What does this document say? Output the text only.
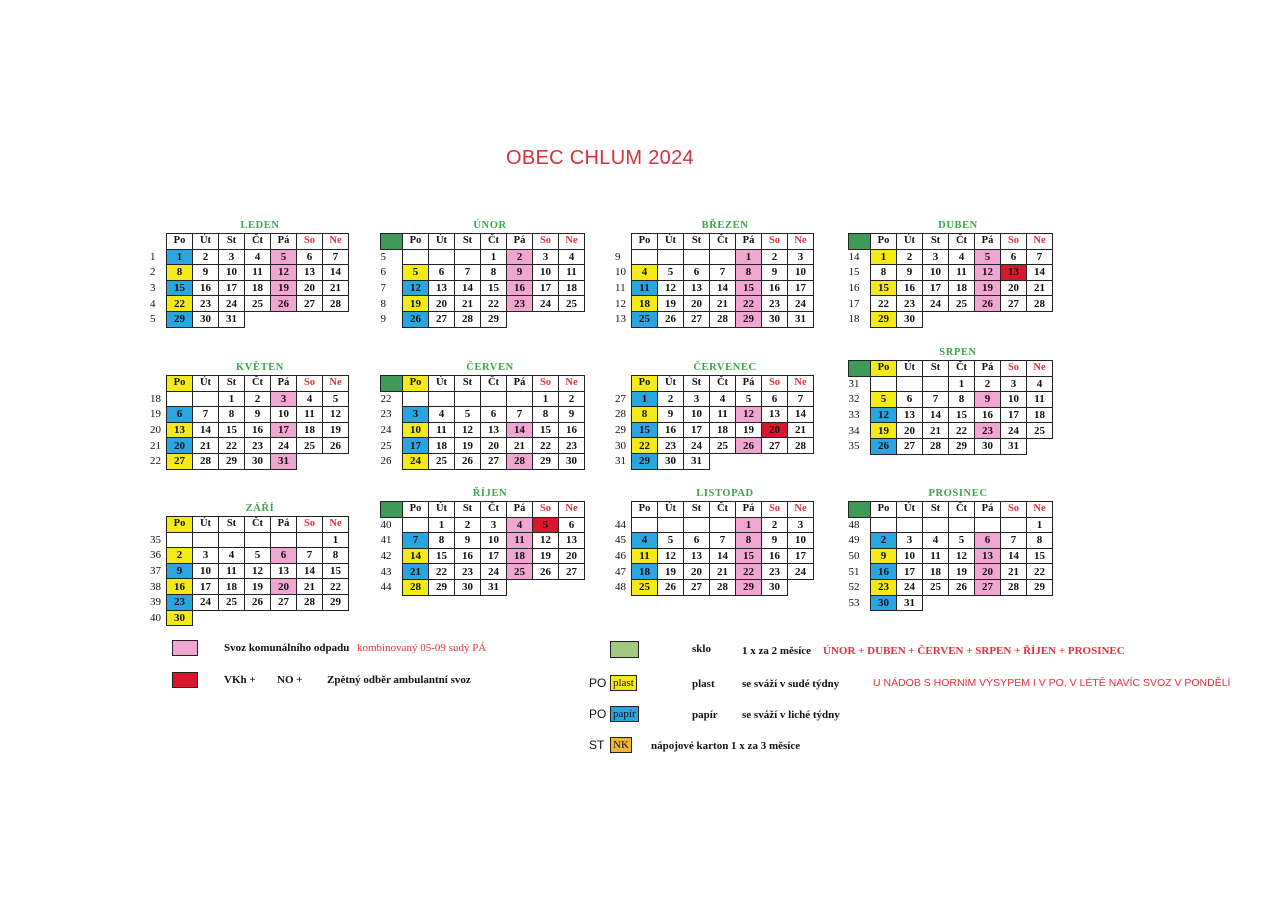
OBEC CHLUM 2024
LEDEN
	Po	Út	St	Čt	Pá	So	Ne
1	1	2	3	4	5	6	7
2	8	9	10	11	12	13	14
3	15	16	17	18	19	20	21
4	22	23	24	25	26	27	28
5	29	30	31				
ÚNOR
	Po	Út	St	Čt	Pá	So	Ne
5				1	2	3	4
6	5	6	7	8	9	10	11
7	12	13	14	15	16	17	18
8	19	20	21	22	23	24	25
9	26	27	28	29			
BŘEZEN
	Po	Út	St	Čt	Pá	So	Ne
9					1	2	3
10	4	5	6	7	8	9	10
11	11	12	13	14	15	16	17
12	18	19	20	21	22	23	24
13	25	26	27	28	29	30	31
DUBEN
	Po	Út	St	Čt	Pá	So	Ne
14	1	2	3	4	5	6	7
15	8	9	10	11	12	13	14
16	15	16	17	18	19	20	21
17	22	23	24	25	26	27	28
18	29	30					
KVĚTEN
	Po	Út	St	Čt	Pá	So	Ne
18			1	2	3	4	5
19	6	7	8	9	10	11	12
20	13	14	15	16	17	18	19
21	20	21	22	23	24	25	26
22	27	28	29	30	31		
ČERVEN
	Po	Út	St	Čt	Pá	So	Ne
22						1	2
23	3	4	5	6	7	8	9
24	10	11	12	13	14	15	16
25	17	18	19	20	21	22	23
26	24	25	26	27	28	29	30
ČERVENEC
	Po	Út	St	Čt	Pá	So	Ne
27	1	2	3	4	5	6	7
28	8	9	10	11	12	13	14
29	15	16	17	18	19	20	21
30	22	23	24	25	26	27	28
31	29	30	31				
SRPEN
	Po	Út	St	Čt	Pá	So	Ne
31				1	2	3	4
32	5	6	7	8	9	10	11
33	12	13	14	15	16	17	18
34	19	20	21	22	23	24	25
35	26	27	28	29	30	31	
ZÁŘÍ
	Po	Út	St	Čt	Pá	So	Ne
35							1
36	2	3	4	5	6	7	8
37	9	10	11	12	13	14	15
38	16	17	18	19	20	21	22
39	23	24	25	26	27	28	29
40	30						
ŘÍJEN
	Po	Út	St	Čt	Pá	So	Ne
40		1	2	3	4	5	6
41	7	8	9	10	11	12	13
42	14	15	16	17	18	19	20
43	21	22	23	24	25	26	27
44	28	29	30	31			
LISTOPAD
	Po	Út	St	Čt	Pá	So	Ne
44					1	2	3
45	4	5	6	7	8	9	10
46	11	12	13	14	15	16	17
47	18	19	20	21	22	23	24
48	25	26	27	28	29	30	
PROSINEC
	Po	Út	St	Čt	Pá	So	Ne
48							1
49	2	3	4	5	6	7	8
50	9	10	11	12	13	14	15
51	16	17	18	19	20	21	22
52	23	24	25	26	27	28	29
53	30	31					
Svoz komunálního odpadu kombinovaný 05-09 sudý PÁ
VKh + NO + Zpětný odběr ambulantní svoz
sklo	1 x za 2 měsíce ÚNOR + DUBEN + ČERVEN + SRPEN + ŘÍJEN + PROSINEC
PO plast	plast se sváží v sudé týdny	U NÁDOB S HORNÍM VÝSYPEM I V PO, V LÉTĚ NAVÍC SVOZ V PONDĚLÍ
PO papír	papír se sváží v liché týdny
ST NK nápojové karton 1 x za 3 měsíce
